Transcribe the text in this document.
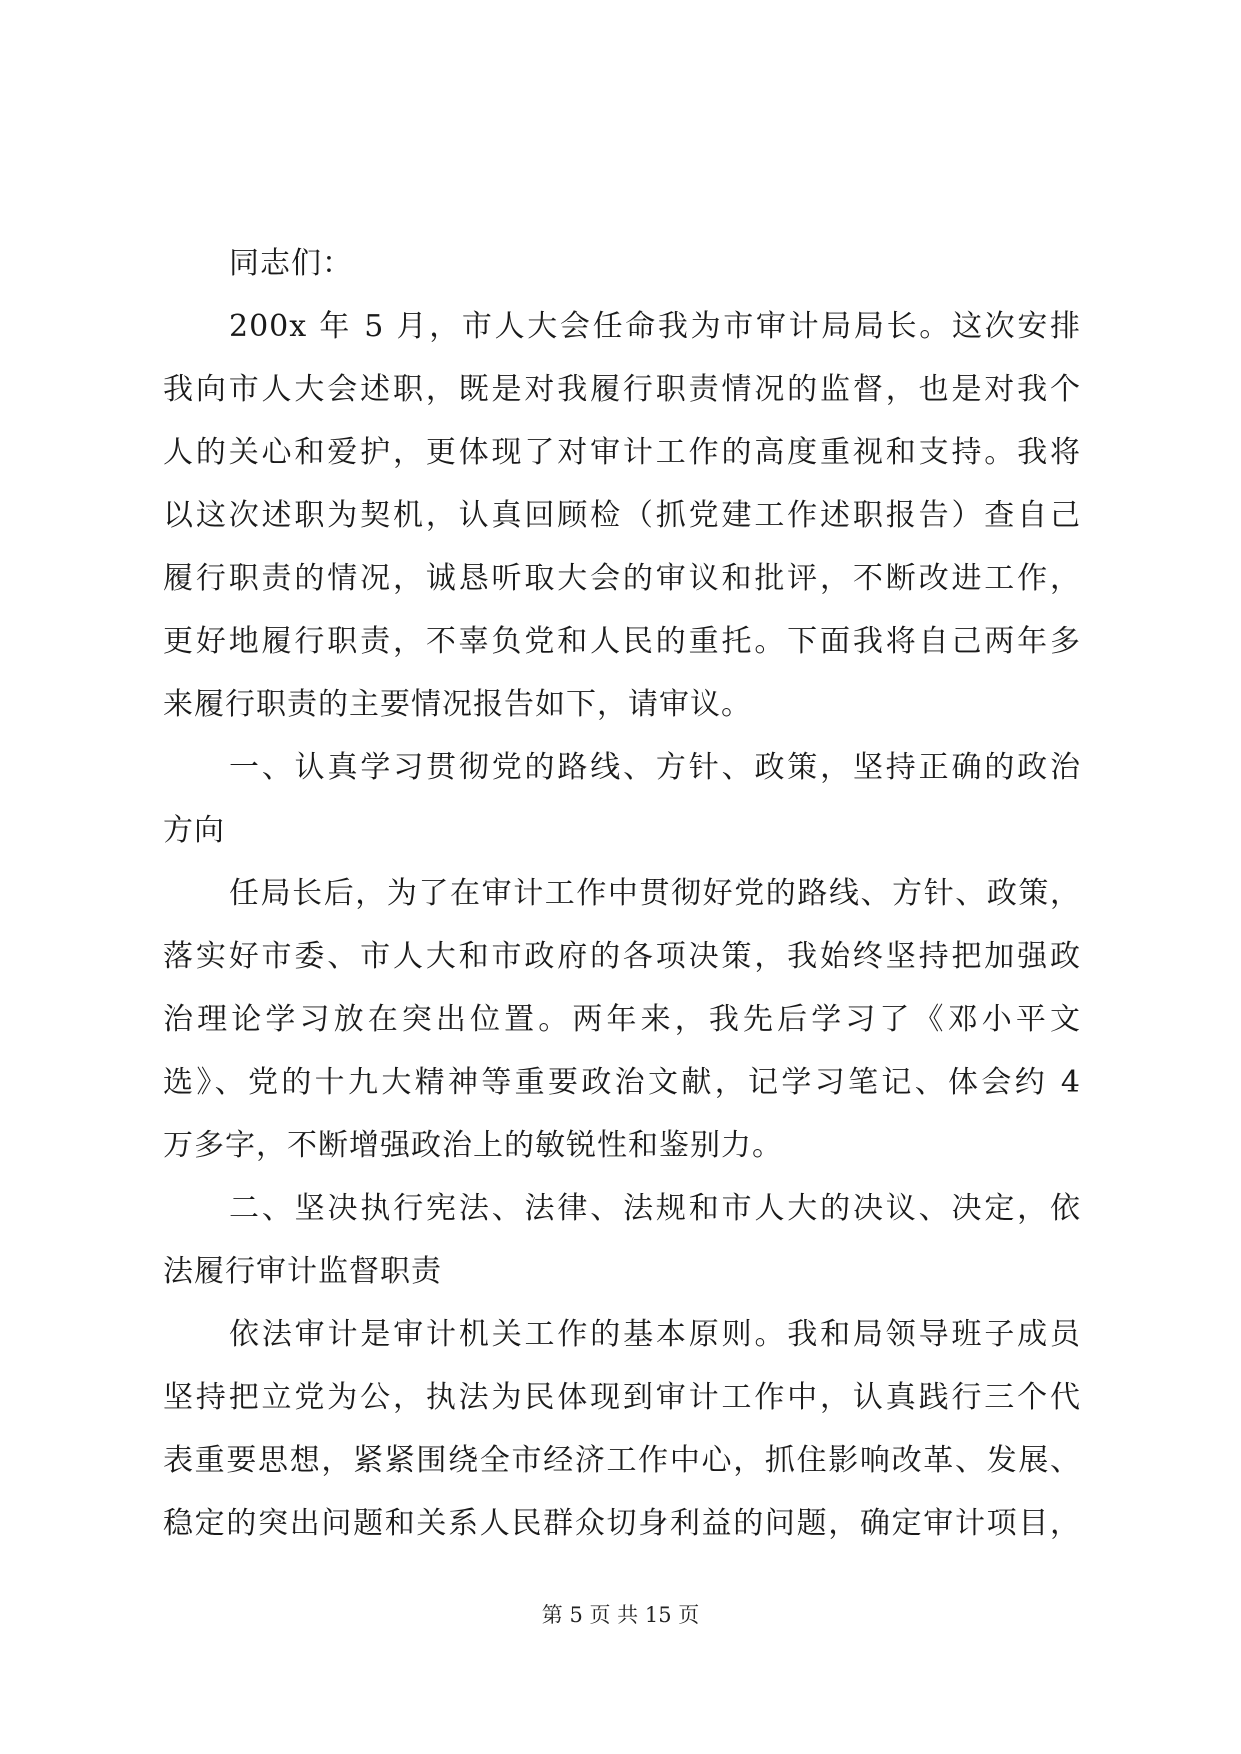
同志们：
200x 年 5 月，市人大会任命我为市审计局局长。这次安排
我向市人大会述职，既是对我履行职责情况的监督，也是对我个
人的关心和爱护，更体现了对审计工作的高度重视和支持。我将
以这次述职为契机，认真回顾检（抓党建工作述职报告）查自己
履行职责的情况，诚恳听取大会的审议和批评，不断改进工作，
更好地履行职责，不辜负党和人民的重托。下面我将自己两年多
来履行职责的主要情况报告如下，请审议。
一、认真学习贯彻党的路线、方针、政策，坚持正确的政治
方向
任局长后，为了在审计工作中贯彻好党的路线、方针、政策，
落实好市委、市人大和市政府的各项决策，我始终坚持把加强政
治理论学习放在突出位置。两年来，我先后学习了《邓小平文
选》、党的十九大精神等重要政治文献，记学习笔记、体会约 4
万多字，不断增强政治上的敏锐性和鉴别力。
二、坚决执行宪法、法律、法规和市人大的决议、决定，依
法履行审计监督职责
依法审计是审计机关工作的基本原则。我和局领导班子成员
坚持把立党为公，执法为民体现到审计工作中，认真践行三个代
表重要思想，紧紧围绕全市经济工作中心，抓住影响改革、发展、
稳定的突出问题和关系人民群众切身利益的问题，确定审计项目，
第 5 页 共 15 页
